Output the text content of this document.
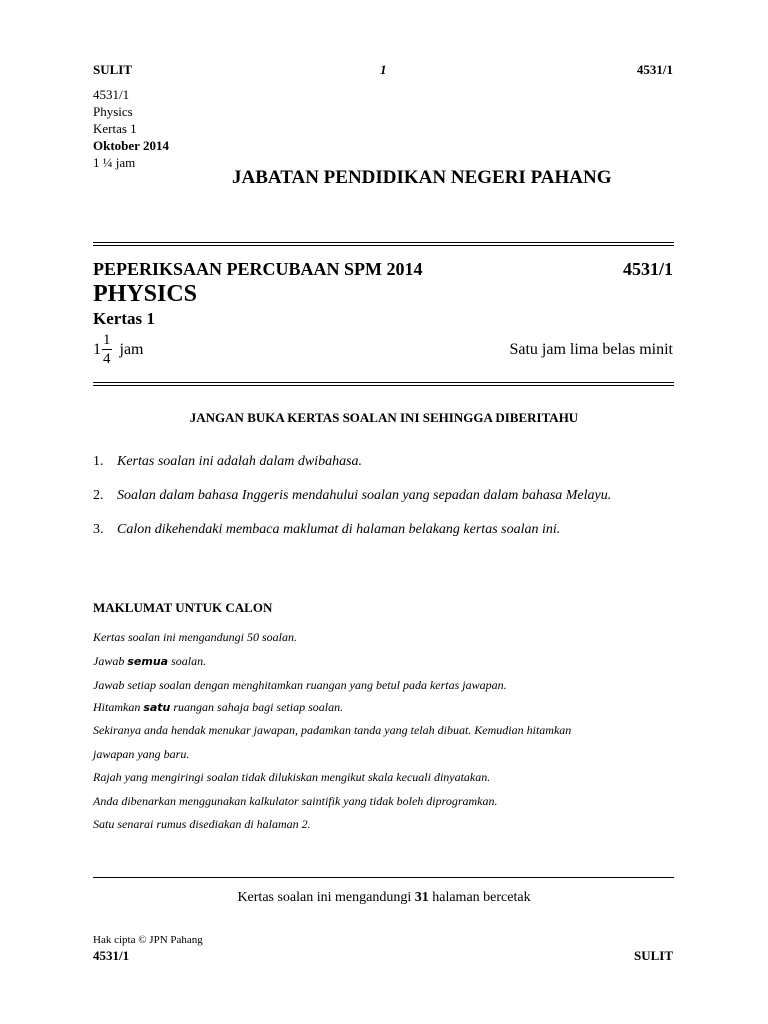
SULIT	1	4531/1
4531/1
Physics
Kertas 1
Oktober 2014
1 ¼ jam
JABATAN PENDIDIKAN NEGERI PAHANG
PEPERIKSAAN PERCUBAAN SPM 2014	4531/1
PHYSICS
Kertas 1
$1 \frac{1}{4}$ jam	Satu jam lima belas minit
JANGAN BUKA KERTAS SOALAN INI SEHINGGA DIBERITAHU
1. Kertas soalan ini adalah dalam dwibahasa.
2. Soalan dalam bahasa Inggeris mendahului soalan yang sepadan dalam bahasa Melayu.
3. Calon dikehendaki membaca maklumat di halaman belakang kertas soalan ini.
MAKLUMAT UNTUK CALON
Kertas soalan ini mengandungi 50 soalan.
Jawab semua soalan.
Jawab setiap soalan dengan menghitamkan ruangan yang betul pada kertas jawapan.
Hitamkan satu ruangan sahaja bagi setiap soalan.
Sekiranya anda hendak menukar jawapan, padamkan tanda yang telah dibuat. Kemudian hitamkan
jawapan yang baru.
Rajah yang mengiringi soalan tidak dilukiskan mengikut skala kecuali dinyatakan.
Anda dibenarkan menggunakan kalkulator saintifik yang tidak boleh diprogramkan.
Satu senarai rumus disediakan di halaman 2.
Kertas soalan ini mengandungi 31 halaman bercetak
Hak cipta © JPN Pahang
4531/1	SULIT
